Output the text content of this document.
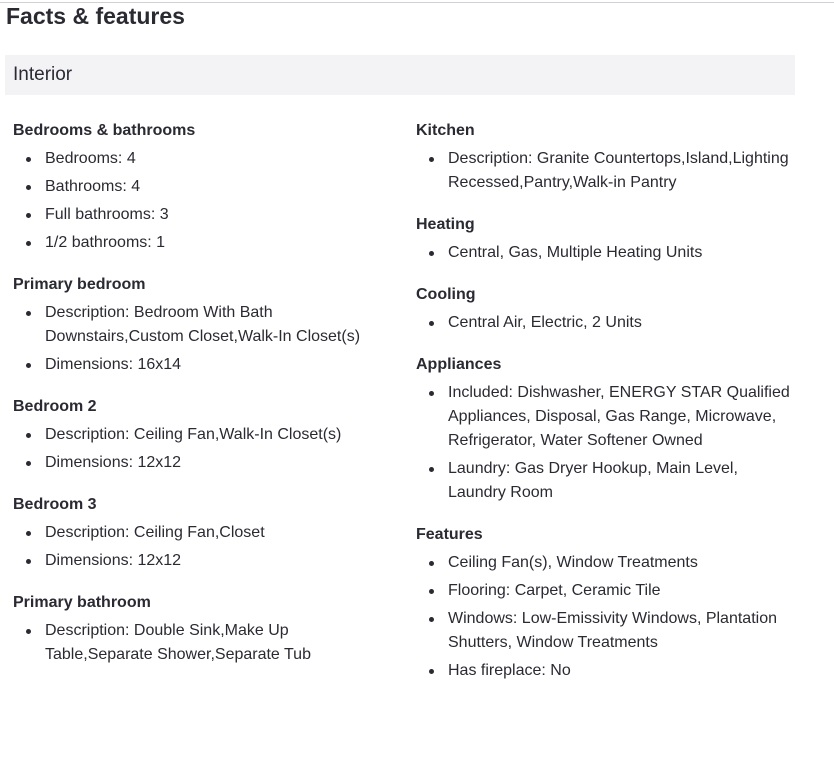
Facts & features
Interior
Bedrooms & bathrooms
Bedrooms: 4
Bathrooms: 4
Full bathrooms: 3
1/2 bathrooms: 1
Primary bedroom
Description: Bedroom With Bath Downstairs,Custom Closet,Walk-In Closet(s)
Dimensions: 16x14
Bedroom 2
Description: Ceiling Fan,Walk-In Closet(s)
Dimensions: 12x12
Bedroom 3
Description: Ceiling Fan,Closet
Dimensions: 12x12
Primary bathroom
Description: Double Sink,Make Up Table,Separate Shower,Separate Tub
Kitchen
Description: Granite Countertops,Island,Lighting Recessed,Pantry,Walk-in Pantry
Heating
Central, Gas, Multiple Heating Units
Cooling
Central Air, Electric, 2 Units
Appliances
Included: Dishwasher, ENERGY STAR Qualified Appliances, Disposal, Gas Range, Microwave, Refrigerator, Water Softener Owned
Laundry: Gas Dryer Hookup, Main Level, Laundry Room
Features
Ceiling Fan(s), Window Treatments
Flooring: Carpet, Ceramic Tile
Windows: Low-Emissivity Windows, Plantation Shutters, Window Treatments
Has fireplace: No
